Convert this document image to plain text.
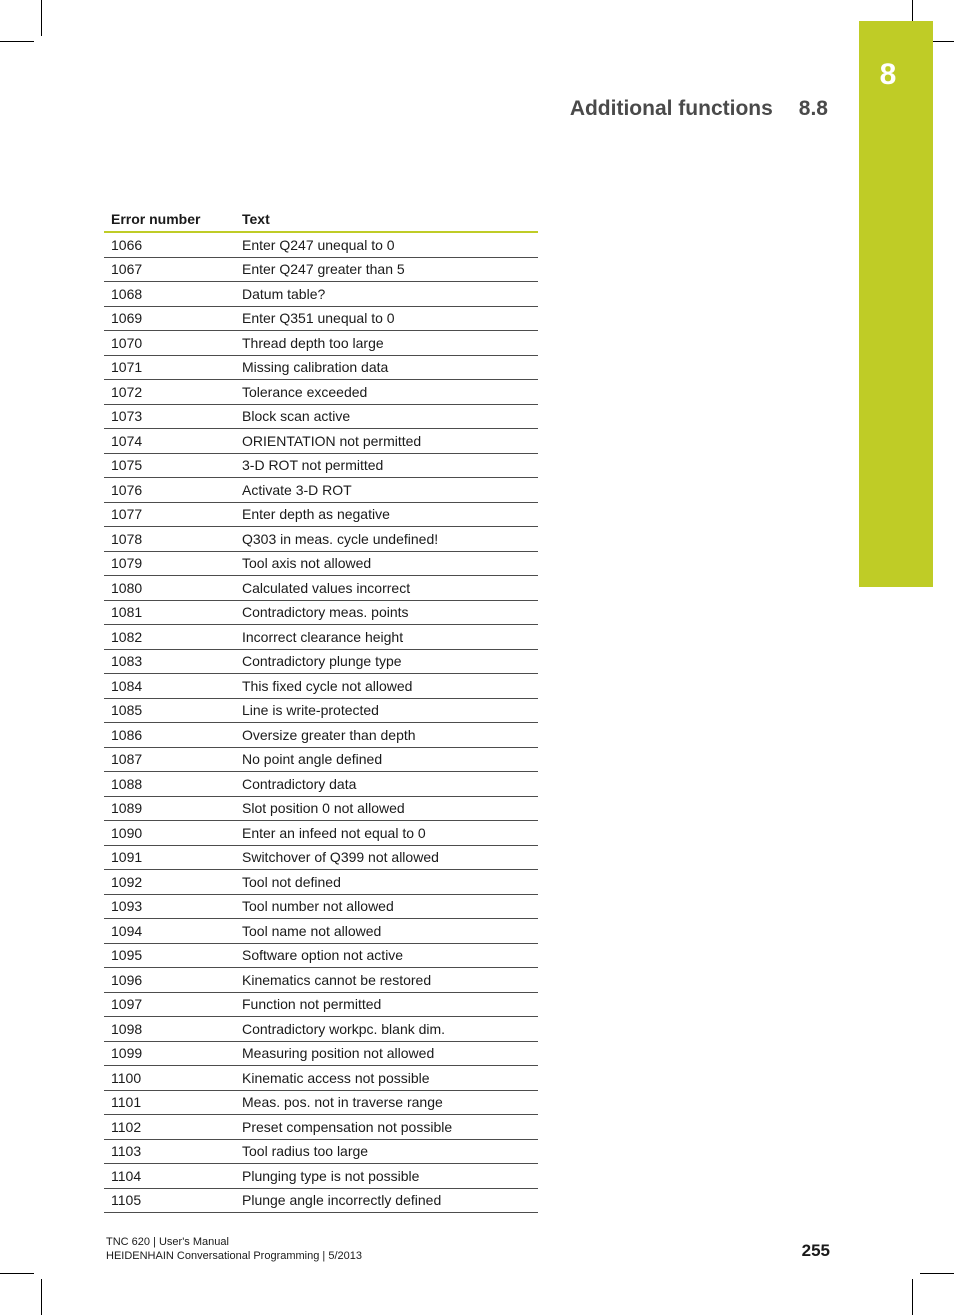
8
Additional functions 8.8
Error number	Text
1066	Enter Q247 unequal to 0
1067	Enter Q247 greater than 5
1068	Datum table?
1069	Enter Q351 unequal to 0
1070	Thread depth too large
1071	Missing calibration data
1072	Tolerance exceeded
1073	Block scan active
1074	ORIENTATION not permitted
1075	3-D ROT not permitted
1076	Activate 3-D ROT
1077	Enter depth as negative
1078	Q303 in meas. cycle undefined!
1079	Tool axis not allowed
1080	Calculated values incorrect
1081	Contradictory meas. points
1082	Incorrect clearance height
1083	Contradictory plunge type
1084	This fixed cycle not allowed
1085	Line is write-protected
1086	Oversize greater than depth
1087	No point angle defined
1088	Contradictory data
1089	Slot position 0 not allowed
1090	Enter an infeed not equal to 0
1091	Switchover of Q399 not allowed
1092	Tool not defined
1093	Tool number not allowed
1094	Tool name not allowed
1095	Software option not active
1096	Kinematics cannot be restored
1097	Function not permitted
1098	Contradictory workpc. blank dim.
1099	Measuring position not allowed
1100	Kinematic access not possible
1101	Meas. pos. not in traverse range
1102	Preset compensation not possible
1103	Tool radius too large
1104	Plunging type is not possible
1105	Plunge angle incorrectly defined
TNC 620 | User's Manual
HEIDENHAIN Conversational Programming | 5/2013	255
